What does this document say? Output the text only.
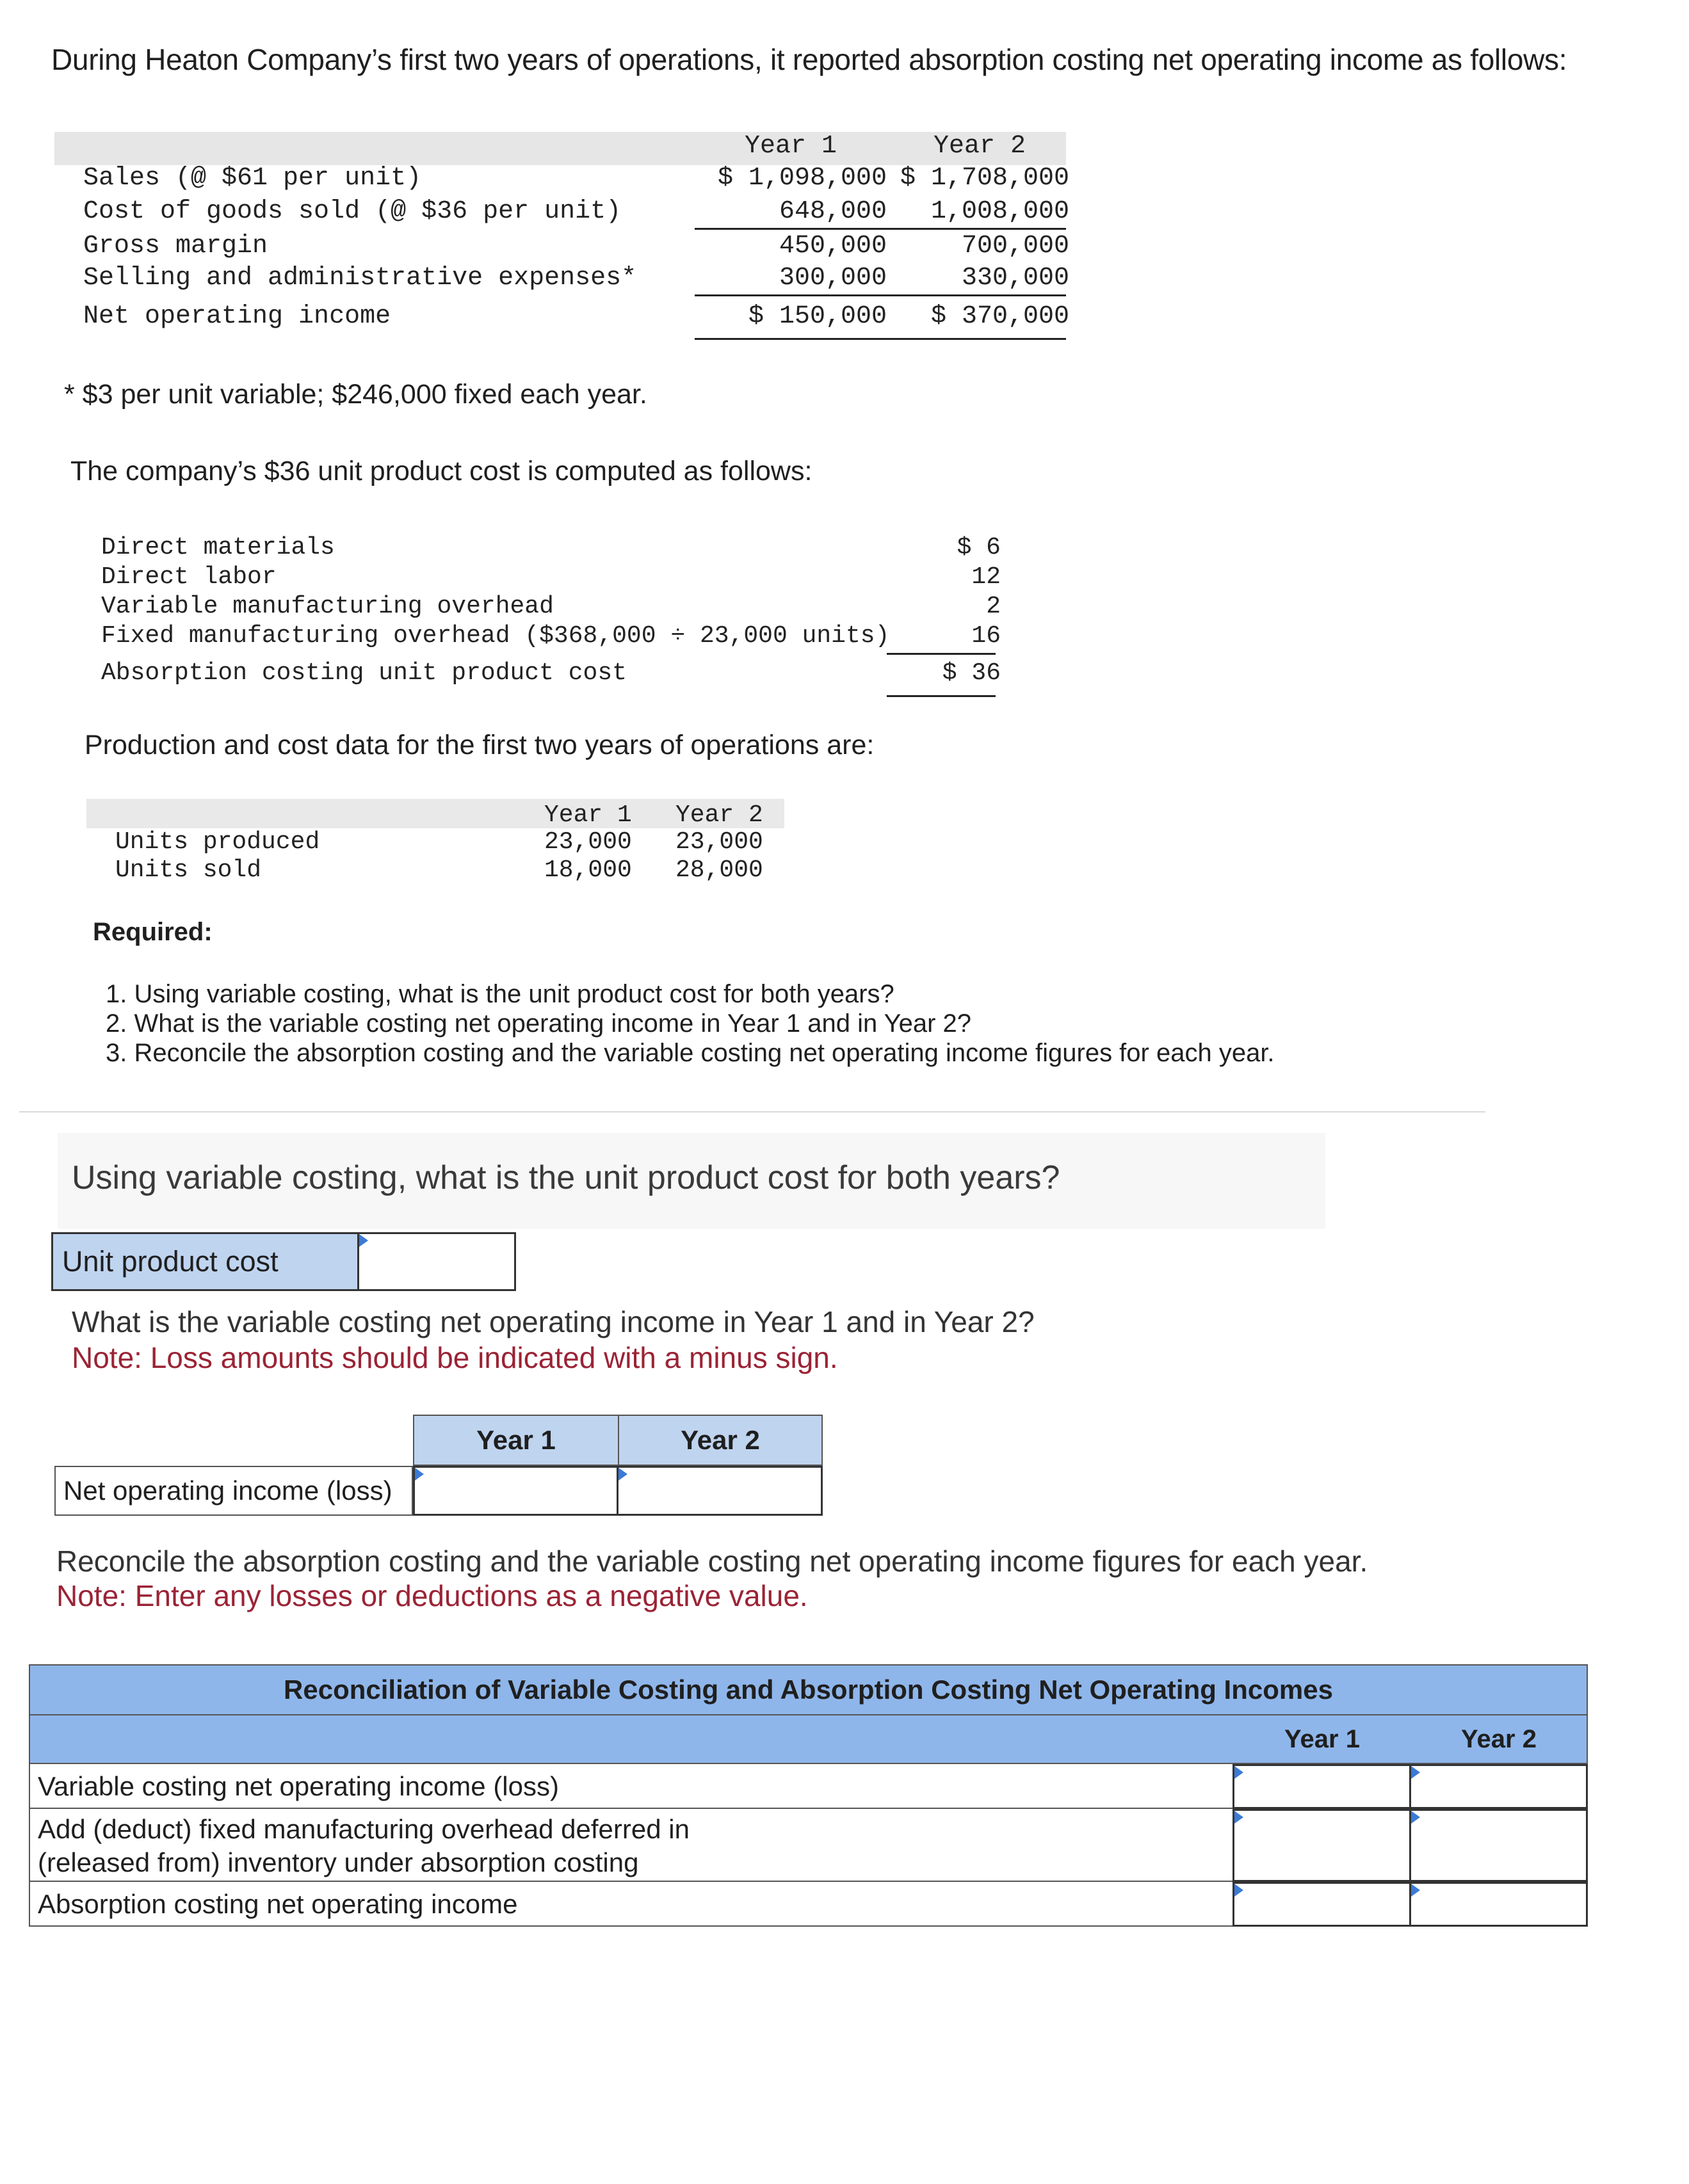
During Heaton Company’s first two years of operations, it reported absorption costing net operating income as follows:
Year 1	Year 2
Sales (@ $61 per unit)	$ 1,098,000 $ 1,708,000
Cost of goods sold (@ $36 per unit)	648,000	1,008,000
Gross margin	450,000	700,000
Selling and administrative expenses*	300,000	330,000
Net operating income	$ 150,000	$ 370,000
* $3 per unit variable; $246,000 fixed each year.
The company’s $36 unit product cost is computed as follows:
Direct materials	$ 6
Direct labor	12
Variable manufacturing overhead	2
Fixed manufacturing overhead ($368,000 ÷ 23,000 units)	16
Absorption costing unit product cost	$ 36
Production and cost data for the first two years of operations are:
Year 1 Year 2
Units produced	23,000 23,000
Units sold	18,000 28,000
Required:
1. Using variable costing, what is the unit product cost for both years?
2. What is the variable costing net operating income in Year 1 and in Year 2?
3. Reconcile the absorption costing and the variable costing net operating income figures for each year.
Using variable costing, what is the unit product cost for both years?
Unit product cost
What is the variable costing net operating income in Year 1 and in Year 2?
Note: Loss amounts should be indicated with a minus sign.
Year 1	Year 2
Net operating income (loss)
Reconcile the absorption costing and the variable costing net operating income figures for each year.
Note: Enter any losses or deductions as a negative value.
Reconciliation of Variable Costing and Absorption Costing Net Operating Incomes
Year 1	Year 2
Variable costing net operating income (loss)
Add (deduct) fixed manufacturing overhead deferred in (released from) inventory under absorption costing
Absorption costing net operating income
